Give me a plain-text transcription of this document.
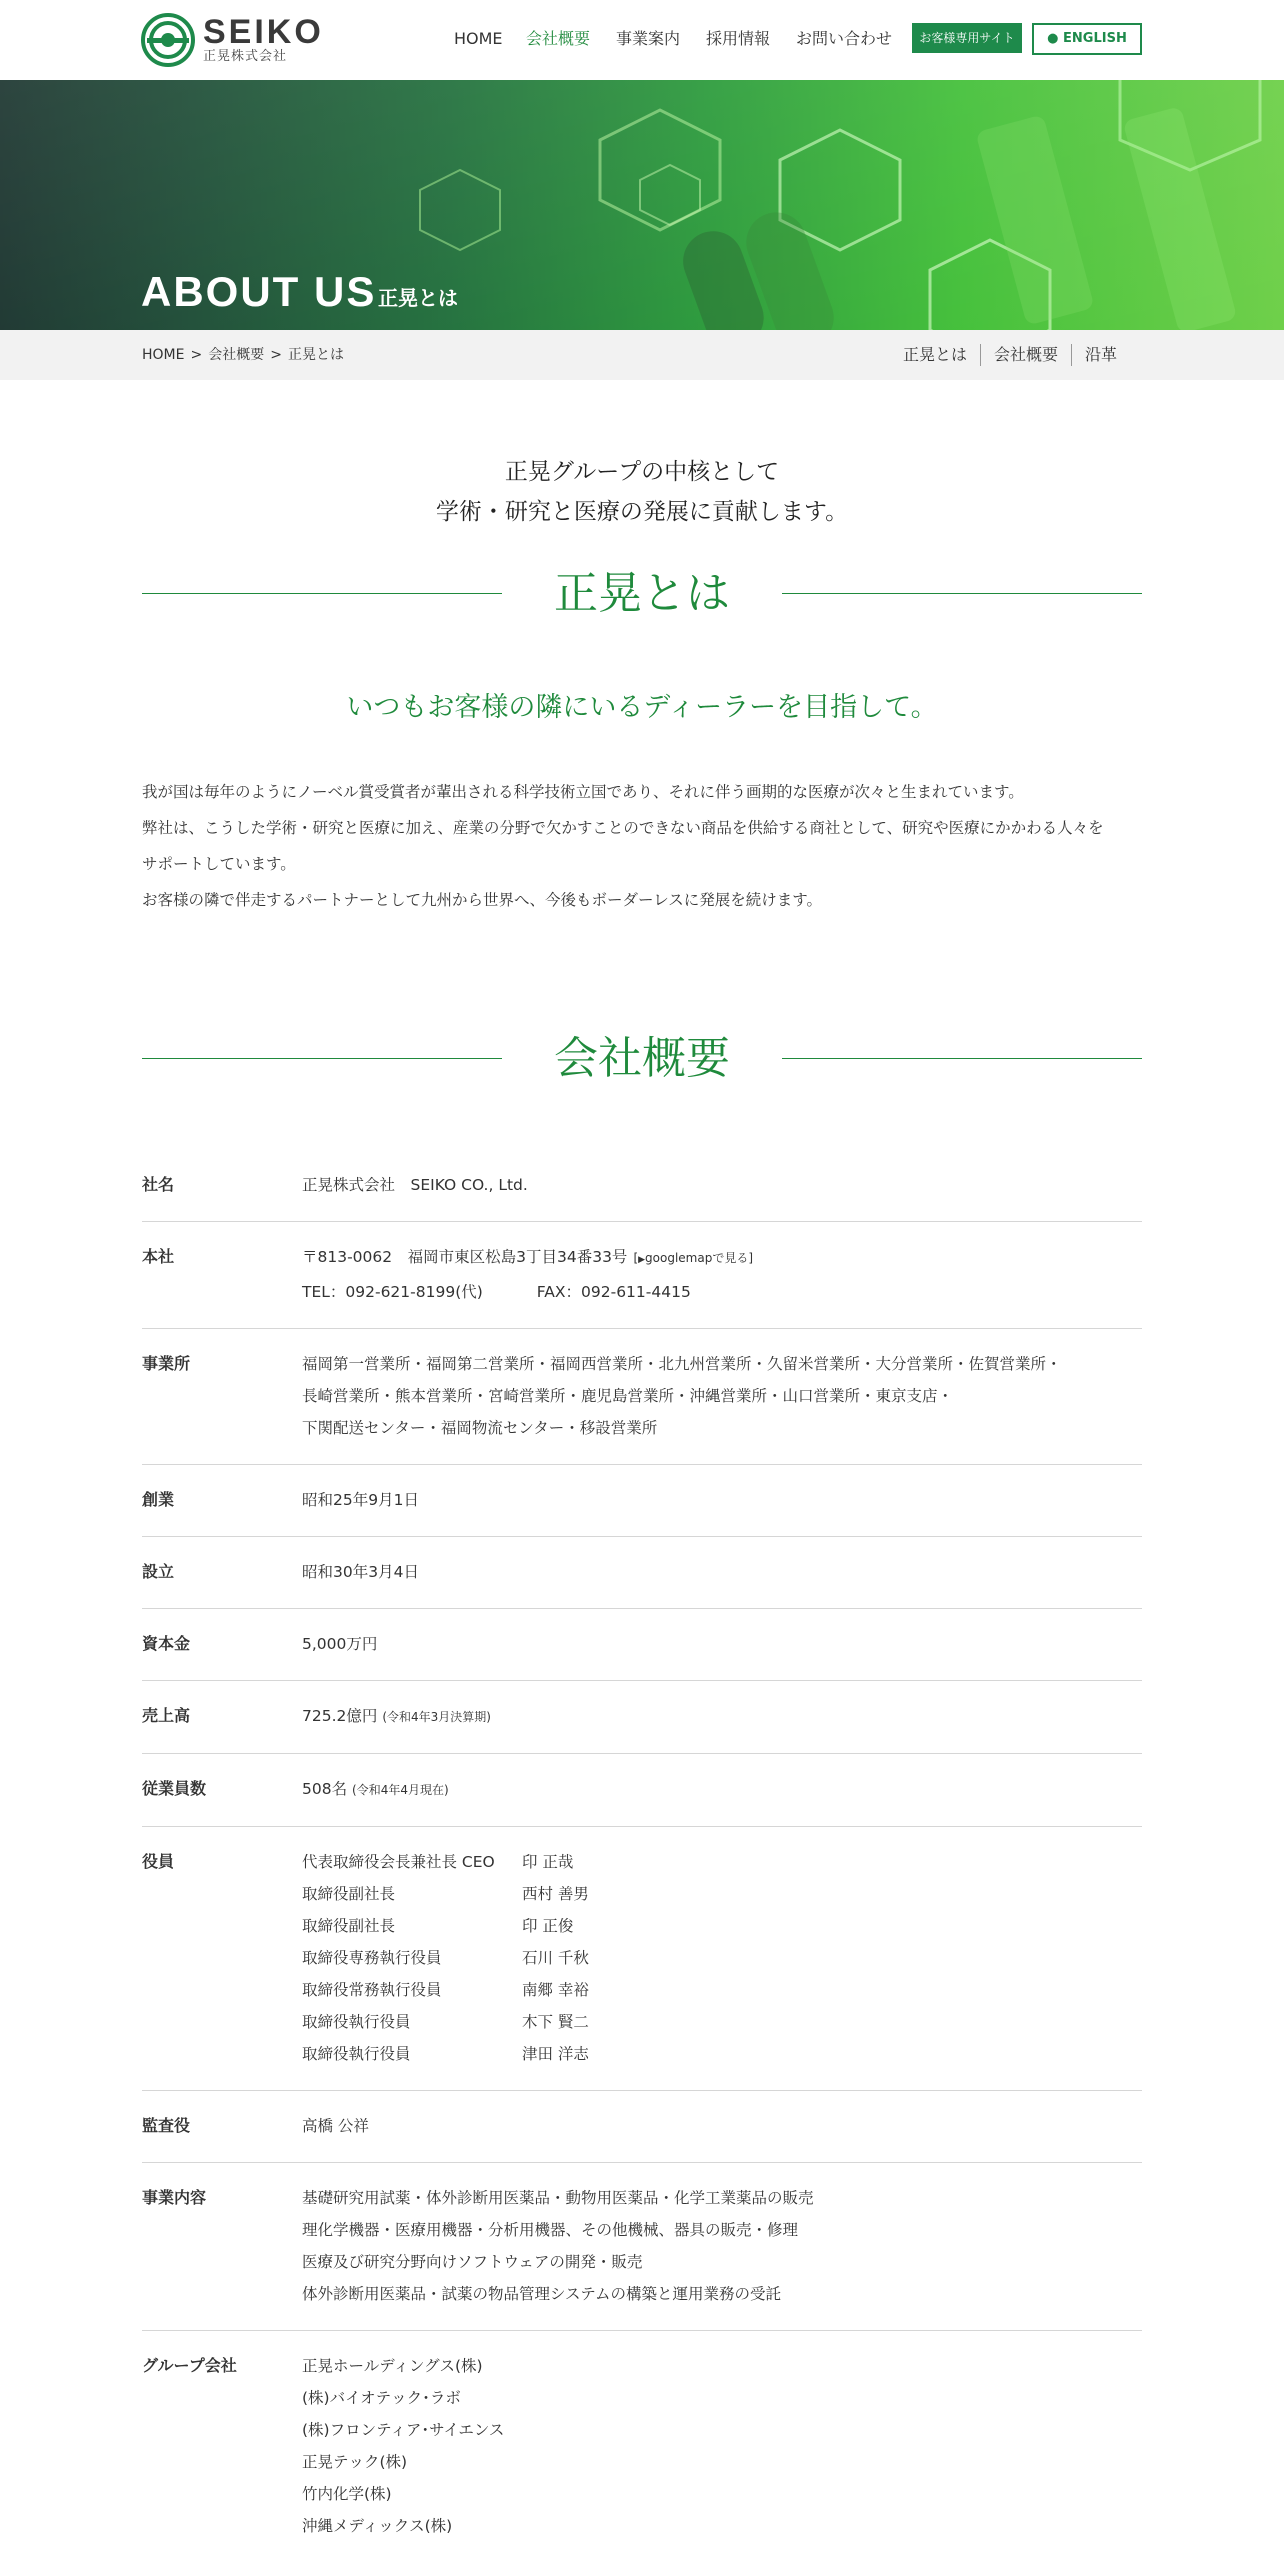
SEIKO
正晃株式会社
HOME 会社概要 事業案内 採用情報 お問い合わせ	お客様専用サイト	● ENGLISH
ABOUT US 正晃とは
HOME > 会社概要 > 正晃とは	正晃とは	会社概要	沿革
正晃グループの中核として
学術・研究と医療の発展に貢献します。
正晃とは
いつもお客様の隣にいるディーラーを目指して。
我が国は毎年のようにノーベル賞受賞者が輩出される科学技術立国であり、それに伴う画期的な医療が次々と生まれています。
弊社は、こうした学術・研究と医療に加え、産業の分野で欠かすことのできない商品を供給する商社として、研究や医療にかかわる人々を
サポートしています。
お客様の隣で伴走するパートナーとして九州から世界へ、今後もボーダーレスに発展を続けます。
会社概要
社名	正晃株式会社　SEIKO CO., Ltd.
本社	〒813-0062　福岡市東区松島3丁目34番33号 [▶googlemapで見る]
TEL：092-621-8199(代)	FAX：092-611-4415
事業所	福岡第一営業所・福岡第二営業所・福岡西営業所・北九州営業所・久留米営業所・大分営業所・佐賀営業所・
長崎営業所・熊本営業所・宮崎営業所・鹿児島営業所・沖縄営業所・山口営業所・東京支店・
下関配送センター・福岡物流センター・移設営業所
創業	昭和25年9月1日
設立	昭和30年3月4日
資本金	5,000万円
売上高	725.2億円 (令和4年3月決算期)
従業員数	508名 (令和4年4月現在)
役員	代表取締役会長兼社長 CEO	印 正哉
取締役副社長	西村 善男
取締役副社長	印 正俊
取締役専務執行役員	石川 千秋
取締役常務執行役員	南郷 幸裕
取締役執行役員	木下 賢二
取締役執行役員	津田 洋志
監査役	高橋 公祥
事業内容	基礎研究用試薬・体外診断用医薬品・動物用医薬品・化学工業薬品の販売
理化学機器・医療用機器・分析用機器、その他機械、器具の販売・修理
医療及び研究分野向けソフトウェアの開発・販売
体外診断用医薬品・試薬の物品管理システムの構築と運用業務の受託
グループ会社	正晃ホールディングス(株)
(株)バイオテック･ラボ
(株)フロンティア･サイエンス
正晃テック(株)
竹内化学(株)
沖縄メディックス(株)
